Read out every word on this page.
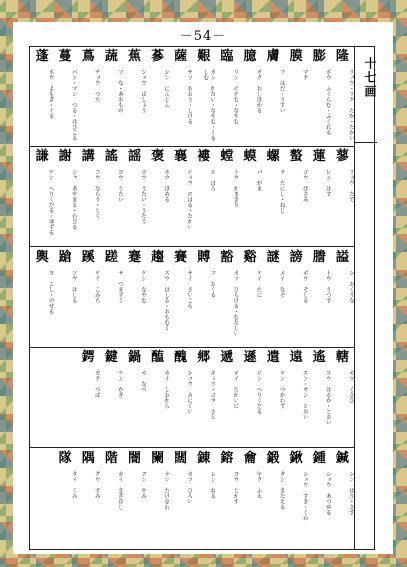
－54－
隆
リュウ・リク　たか・たかい
膨
ボウ　ふくらむ・ふくれる
膜
マク
膚
フ　はだ・うすい
臆
オク　おしはかる
臨
リン　のぞむ・なやむ
艱
カン　かたい・なやむ・くるしむ
薩
サツ　おおう・しげる
蔘
シン　にんじん
蕉
ショウ　ばしょう
蔬
ソ　な・あおもの
蔦
チョウ　つた
蔓
バン・マン　つる・はびこる
蓬
ホウ　よもぎ・くる
蓼
リョウ　たで
蓮
レン　はす
螯
ゴウ　はさみ
螺
ラ　たにし・ねじ
蟆
バ　がま
螳
トウ　かまきり
褸
ル　ぼろ
襄
ジョウ　のぼる・たかい
褒
ホウ　ほめる
謡
ヨウ　うたい・うたう
謠
ヨウ　うたい
講
コウ　ならう・とく
謝
シャ　あやまる・わびる
謙
ケン　へりくだる・ゆずる
謚
シ　おくりな
謄
トウ　うつす
謗
ボウ　そしる
謎
メイ　なぞ
谿
ケイ　たに
豁
カツ　ひらける・むなしい
賻
フ　おくる
賽
サイ　さいころ
趨
スウ　はしる・おもむく
蹇
ケン　なやむ
蹉
サ　つまずく
蹊
ケイ　こみち
蹌
ソウ　はしる
輿
ヨ　こし・のせる
轄
カツ　くさび
遙
ヨウ　はるか・とおい
遠
エン・オン　とおい
遣
ケン　つかわす
遜
ソン　へりくだる
遞
テイ　たがいに
郷
キョウ・ゴウ　さと
醜
シュウ　みにくい
醢
カイ　しおから
鍋
カ　なべ
鍵
ケン　かぎ
鍔
ガク　つば
鍼
シン　はり・さす
鍾
ショウ　あつめる
鍬
シュウ　すき・くわ
鍛
タン　きたえる
龠
ヤク　ふえ
鎔
ヨウ　とかす
錬
レン　ねる
闊
カツ　ひろい
闌
ラン　たけなわ
闇
アン　やみ
階
カイ　きざはし
隅
グウ　すみ
隊
タイ　くみ
十七画
